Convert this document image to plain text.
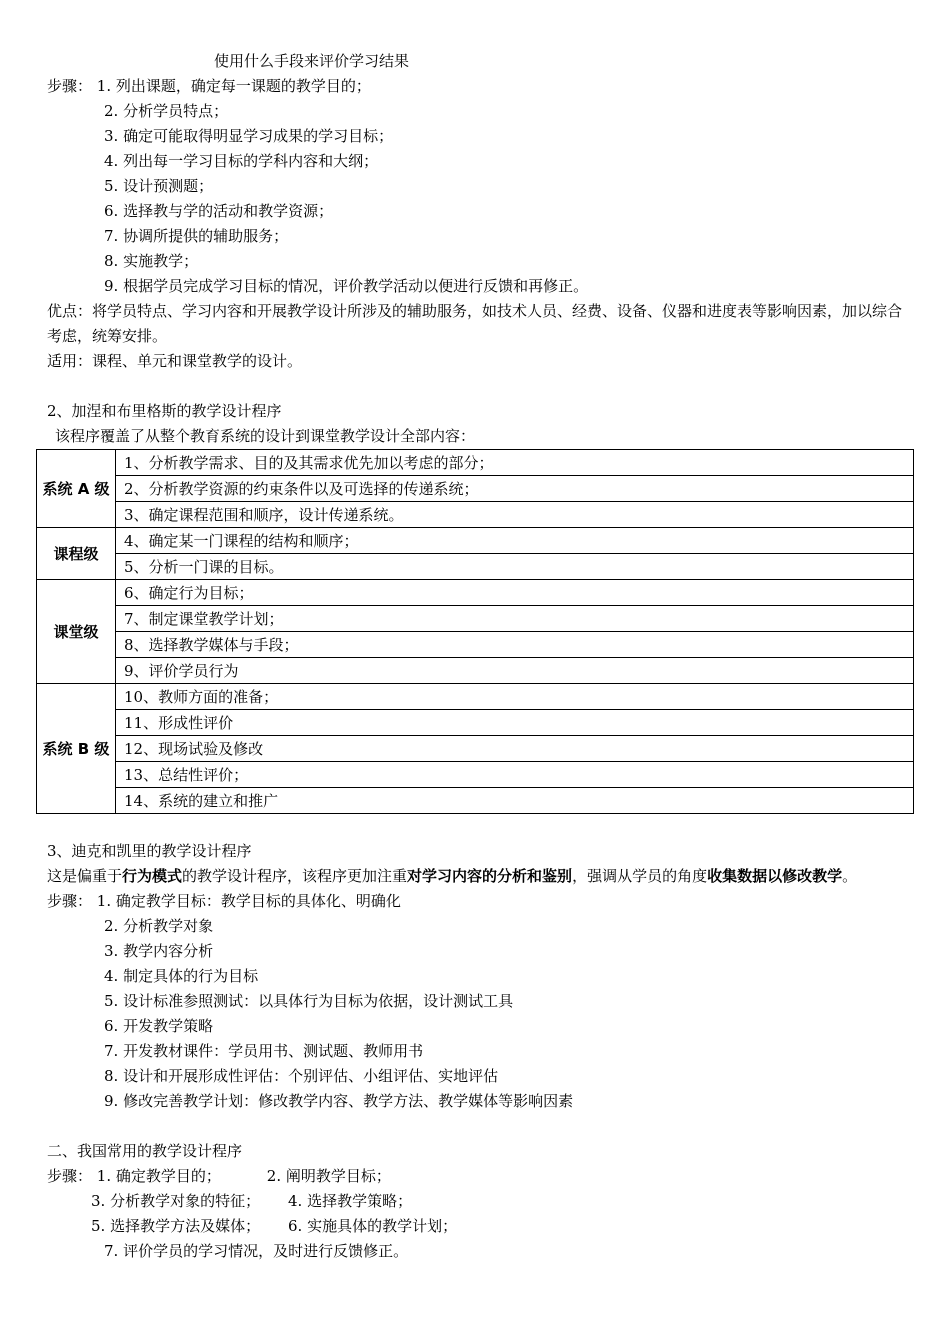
使用什么手段来评价学习结果
步骤： 1. 列出课题，确定每一课题的教学目的；
2. 分析学员特点；
3. 确定可能取得明显学习成果的学习目标；
4. 列出每一学习目标的学科内容和大纲；
5. 设计预测题；
6. 选择教与学的活动和教学资源；
7. 协调所提供的辅助服务；
8. 实施教学；
9. 根据学员完成学习目标的情况，评价教学活动以便进行反馈和再修正。
优点：将学员特点、学习内容和开展教学设计所涉及的辅助服务，如技术人员、经费、设备、仪器和进度表等影响因素，加以综合考虑，统筹安排。
适用：课程、单元和课堂教学的设计。
2、加涅和布里格斯的教学设计程序
该程序覆盖了从整个教育系统的设计到课堂教学设计全部内容：
系统 A 级	1、分析教学需求、目的及其需求优先加以考虑的部分；
	2、分析教学资源的约束条件以及可选择的传递系统；
	3、确定课程范围和顺序，设计传递系统。
课程级	4、确定某一门课程的结构和顺序；
	5、分析一门课的目标。
课堂级	6、确定行为目标；
	7、制定课堂教学计划；
	8、选择教学媒体与手段；
	9、评价学员行为
系统 B 级	10、教师方面的准备；
	11、形成性评价
	12、现场试验及修改
	13、总结性评价；
	14、系统的建立和推广
3、迪克和凯里的教学设计程序
这是偏重于行为模式的教学设计程序，该程序更加注重对学习内容的分析和鉴别，强调从学员的角度收集数据以修改教学。
步骤： 1. 确定教学目标：教学目标的具体化、明确化
2. 分析教学对象
3. 教学内容分析
4. 制定具体的行为目标
5. 设计标准参照测试：以具体行为目标为依据，设计测试工具
6. 开发教学策略
7. 开发教材课件：学员用书、测试题、教师用书
8. 设计和开展形成性评估：个别评估、小组评估、实地评估
9. 修改完善教学计划：修改教学内容、教学方法、教学媒体等影响因素
二、我国常用的教学设计程序
步骤： 1. 确定教学目的；	2. 阐明教学目标；
3. 分析教学对象的特征； 4. 选择教学策略；
5. 选择教学方法及媒体； 6. 实施具体的教学计划；
7. 评价学员的学习情况，及时进行反馈修正。
